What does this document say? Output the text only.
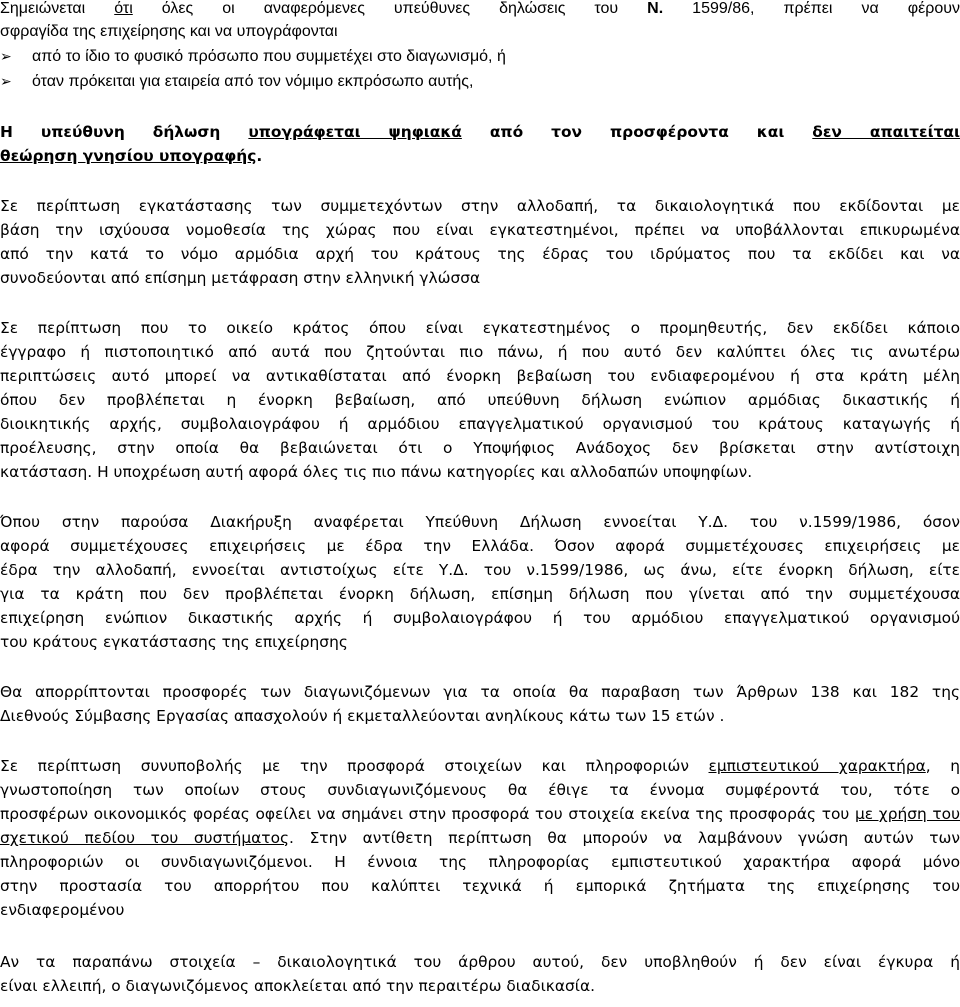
Σημειώνεται ότι όλες οι αναφερόμενες υπεύθυνες δηλώσεις του Ν. 1599/86, πρέπει να φέρουν
σφραγίδα της επιχείρησης και να υπογράφονται
➢ από το ίδιο το φυσικό πρόσωπο που συμμετέχει στο διαγωνισμό, ή
➢ όταν πρόκειται για εταιρεία από τον νόμιμο εκπρόσωπο αυτής,
Η υπεύθυνη δήλωση υπογράφεται ψηφιακά από τον προσφέροντα και δεν απαιτείται
θεώρηση γνησίου υπογραφής.
Σε περίπτωση εγκατάστασης των συμμετεχόντων στην αλλοδαπή, τα δικαιολογητικά που εκδίδονται με
βάση την ισχύουσα νομοθεσία της χώρας που είναι εγκατεστημένοι, πρέπει να υποβάλλονται επικυρωμένα
από την κατά το νόμο αρμόδια αρχή του κράτους της έδρας του ιδρύματος που τα εκδίδει και να
συνοδεύονται από επίσημη μετάφραση στην ελληνική γλώσσα
Σε περίπτωση που το οικείο κράτος όπου είναι εγκατεστημένος ο προμηθευτής, δεν εκδίδει κάποιο
έγγραφο ή πιστοποιητικό από αυτά που ζητούνται πιο πάνω, ή που αυτό δεν καλύπτει όλες τις ανωτέρω
περιπτώσεις αυτό μπορεί να αντικαθίσταται από ένορκη βεβαίωση του ενδιαφερομένου ή στα κράτη μέλη
όπου δεν προβλέπεται η ένορκη βεβαίωση, από υπεύθυνη δήλωση ενώπιον αρμόδιας δικαστικής ή
διοικητικής αρχής, συμβολαιογράφου ή αρμόδιου επαγγελματικού οργανισμού του κράτους καταγωγής ή
προέλευσης, στην οποία θα βεβαιώνεται ότι ο Υποψήφιος Ανάδοχος δεν βρίσκεται στην αντίστοιχη
κατάσταση. Η υποχρέωση αυτή αφορά όλες τις πιο πάνω κατηγορίες και αλλοδαπών υποψηφίων.
Όπου στην παρούσα Διακήρυξη αναφέρεται Υπεύθυνη Δήλωση εννοείται Υ.Δ. του ν.1599/1986, όσον
αφορά συμμετέχουσες επιχειρήσεις με έδρα την Ελλάδα. Όσον αφορά συμμετέχουσες επιχειρήσεις με
έδρα την αλλοδαπή, εννοείται αντιστοίχως είτε Υ.Δ. του ν.1599/1986, ως άνω, είτε ένορκη δήλωση, είτε
για τα κράτη που δεν προβλέπεται ένορκη δήλωση, επίσημη δήλωση που γίνεται από την συμμετέχουσα
επιχείρηση ενώπιον δικαστικής αρχής ή συμβολαιογράφου ή του αρμόδιου επαγγελματικού οργανισμού
του κράτους εγκατάστασης της επιχείρησης
Θα απορρίπτονται προσφορές των διαγωνιζόμενων για τα οποία θα παραβαση των Άρθρων 138 και 182 της
Διεθνούς Σύμβασης Εργασίας απασχολούν ή εκμεταλλεύονται ανηλίκους κάτω των 15 ετών .
Σε περίπτωση συνυποβολής με την προσφορά στοιχείων και πληροφοριών εμπιστευτικού χαρακτήρα, η
γνωστοποίηση των οποίων στους συνδιαγωνιζόμενους θα έθιγε τα έννομα συμφέροντά του, τότε ο
προσφέρων οικονομικός φορέας οφείλει να σημάνει στην προσφορά του στοιχεία εκείνα της προσφοράς του με χρήση του
σχετικού πεδίου του συστήματος. Στην αντίθετη περίπτωση θα μπορούν να λαμβάνουν γνώση αυτών των
πληροφοριών οι συνδιαγωνιζόμενοι. Η έννοια της πληροφορίας εμπιστευτικού χαρακτήρα αφορά μόνο
στην προστασία του απορρήτου που καλύπτει τεχνικά ή εμπορικά ζητήματα της επιχείρησης του
ενδιαφερομένου
Αν τα παραπάνω στοιχεία – δικαιολογητικά του άρθρου αυτού, δεν υποβληθούν ή δεν είναι έγκυρα ή
είναι ελλειπή, ο διαγωνιζόμενος αποκλείεται από την περαιτέρω διαδικασία.
